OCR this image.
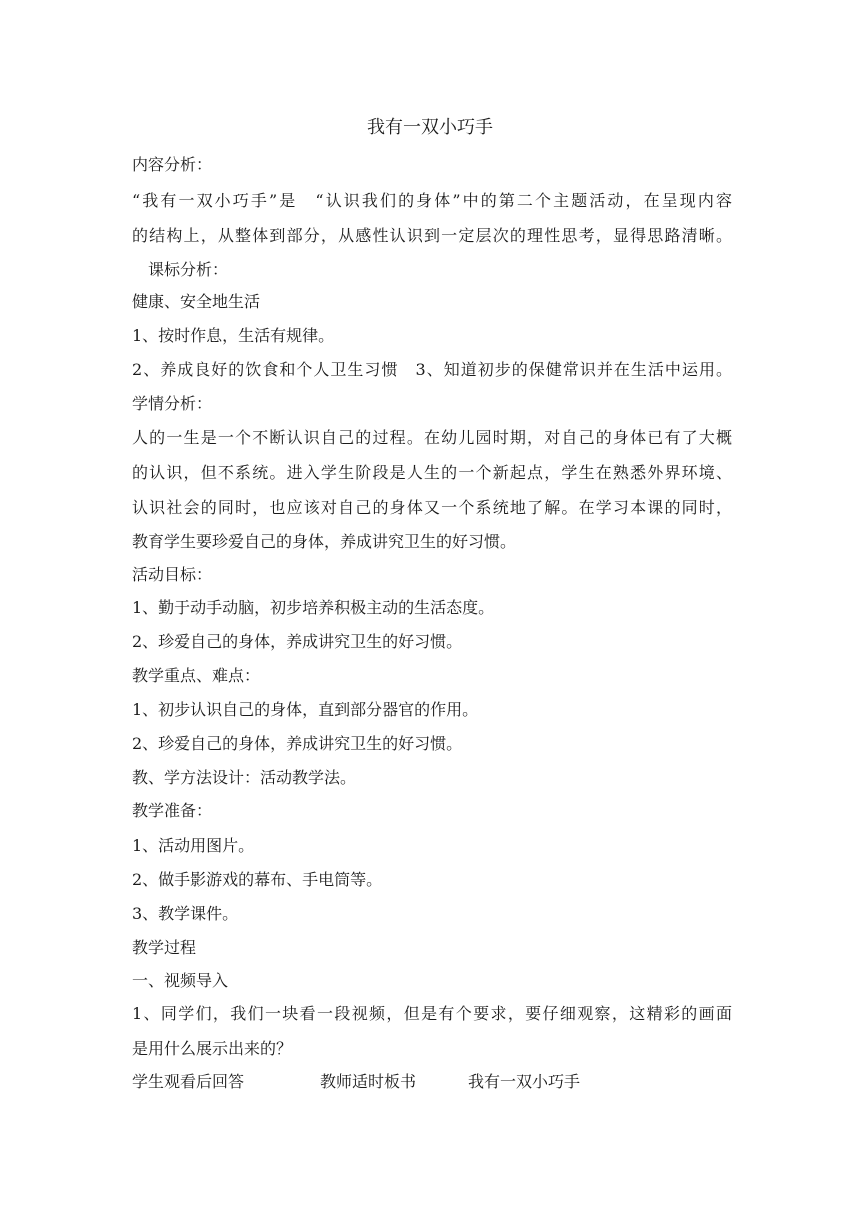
我有一双小巧手
内容分析：
“我有一双小巧手”是　“认识我们的身体”中的第二个主题活动，在呈现内容
的结构上，从整体到部分，从感性认识到一定层次的理性思考，显得思路清晰。
课标分析：
健康、安全地生活
1、按时作息，生活有规律。
2、养成良好的饮食和个人卫生习惯　3、知道初步的保健常识并在生活中运用。
学情分析：
人的一生是一个不断认识自己的过程。在幼儿园时期，对自己的身体已有了大概
的认识，但不系统。进入学生阶段是人生的一个新起点，学生在熟悉外界环境、
认识社会的同时，也应该对自己的身体又一个系统地了解。在学习本课的同时，
教育学生要珍爱自己的身体，养成讲究卫生的好习惯。
活动目标：
1、勤于动手动脑，初步培养积极主动的生活态度。
2、珍爱自己的身体，养成讲究卫生的好习惯。
教学重点、难点：
1、初步认识自己的身体，直到部分器官的作用。
2、珍爱自己的身体，养成讲究卫生的好习惯。
教、学方法设计：活动教学法。
教学准备：
1、活动用图片。
2、做手影游戏的幕布、手电筒等。
3、教学课件。
教学过程
一、视频导入
1、同学们，我们一块看一段视频，但是有个要求，要仔细观察，这精彩的画面
是用什么展示出来的？
学生观看后回答	教师适时板书	我有一双小巧手
